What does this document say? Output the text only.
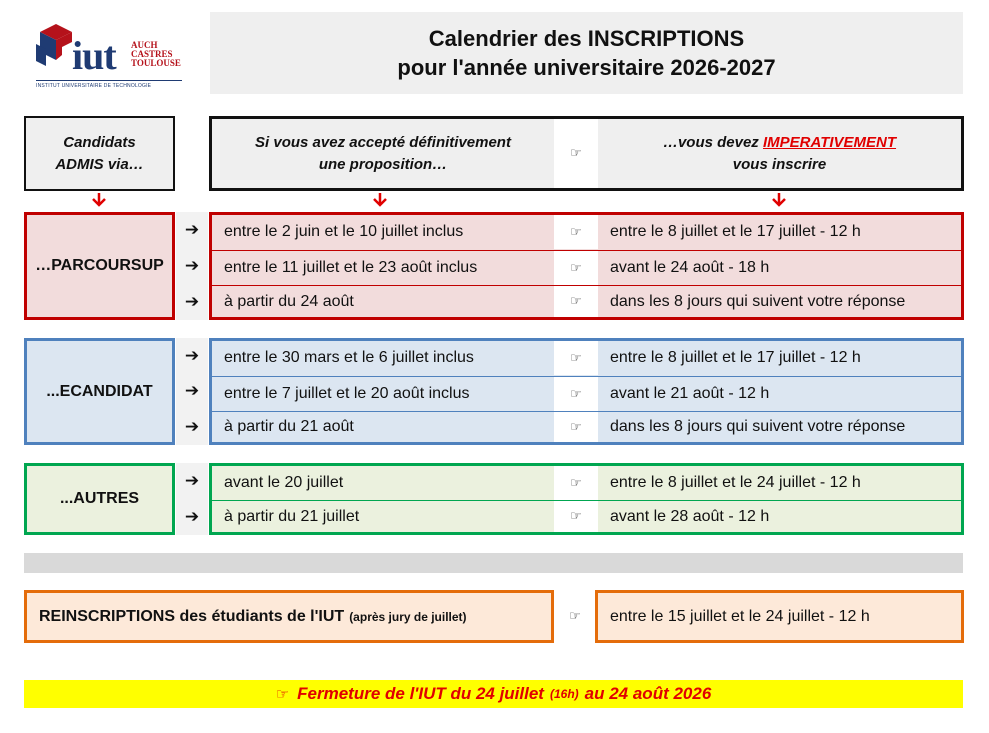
iut AUCH
CASTRES
TOULOUSE
INSTITUT UNIVERSITAIRE DE TECHNOLOGIE
Calendrier des INSCRIPTIONS
pour l'année universitaire 2026-2027
Candidats
ADMIS via…
Si vous avez accepté définitivement
une proposition…
☞
…vous devez IMPERATIVEMENT
vous inscrire
…PARCOURSUP
➔
➔
➔
entre le 2 juin et le 10 juillet inclus	☞ entre le 8 juillet et le 17 juillet - 12 h
entre le 11 juillet et le 23 août inclus	☞ avant le 24 août - 18 h
à partir du 24 août	☞ dans les 8 jours qui suivent votre réponse
...ECANDIDAT
➔
➔
➔
entre le 30 mars et le 6 juillet inclus	☞ entre le 8 juillet et le 17 juillet - 12 h
entre le 7 juillet et le 20 août inclus	☞ avant le 21 août - 12 h
à partir du 21 août	☞ dans les 8 jours qui suivent votre réponse
...AUTRES
➔
➔
avant le 20 juillet	☞ entre le 8 juillet et le 24 juillet - 12 h
à partir du 21 juillet	☞ avant le 28 août - 12 h
REINSCRIPTIONS des étudiants de l'IUT (après jury de juillet)	☞ entre le 15 juillet et le 24 juillet - 12 h
☞ Fermeture de l'IUT du 24 juillet (16h) au 24 août 2026
